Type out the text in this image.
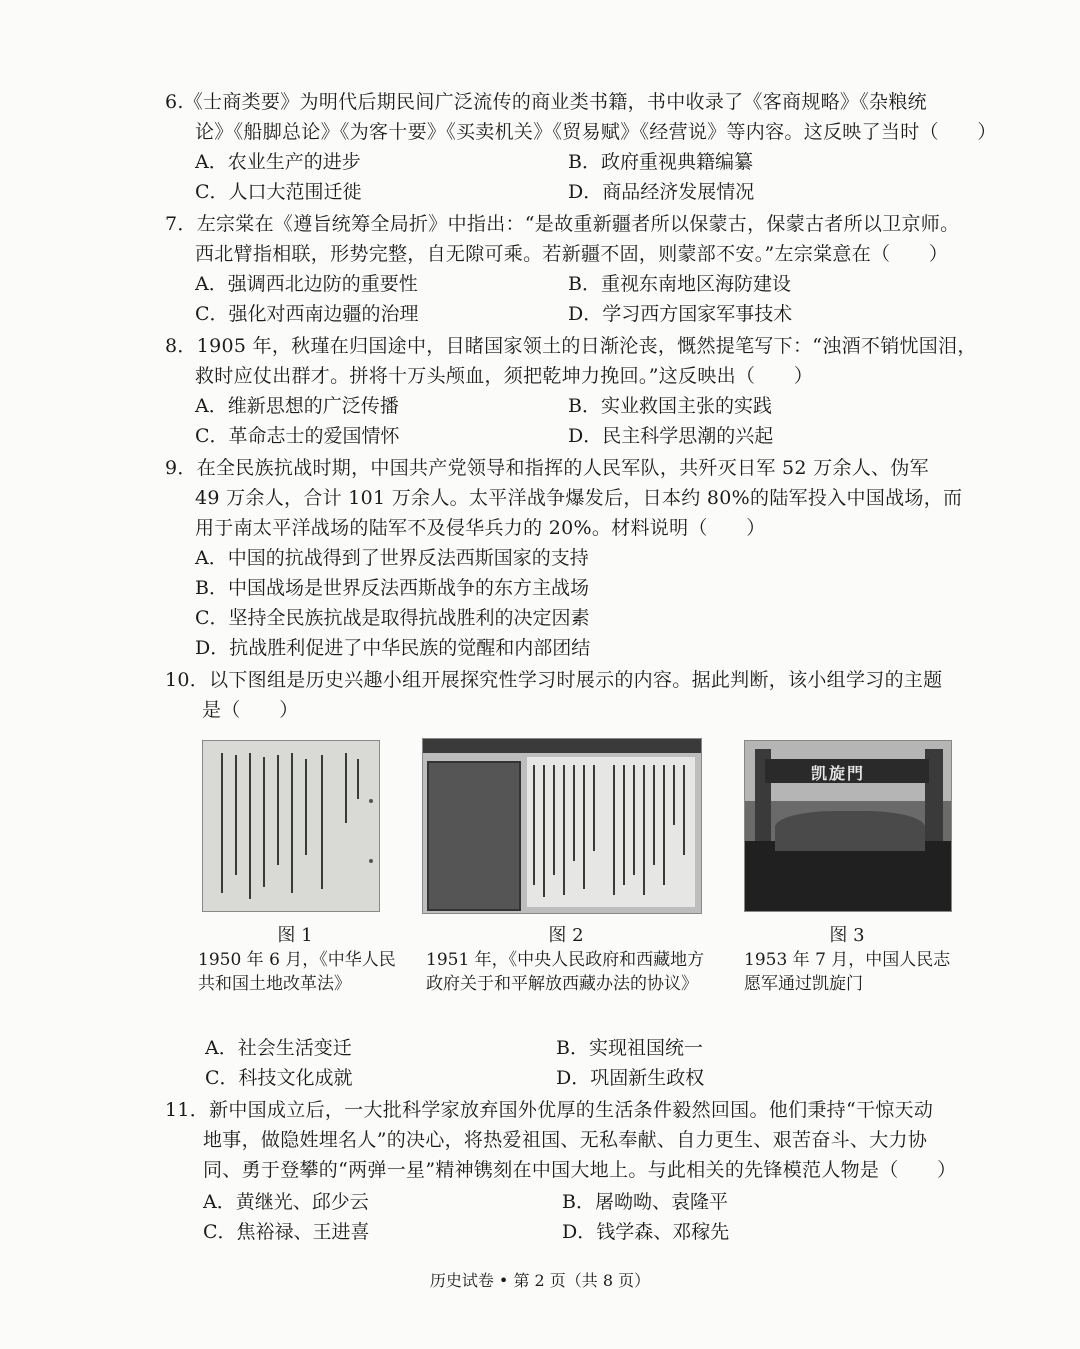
6.《士商类要》为明代后期民间广泛流传的商业类书籍，书中收录了《客商规略》《杂粮统
论》《船脚总论》《为客十要》《买卖机关》《贸易赋》《经营说》等内容。这反映了当时（　　）
A．农业生产的进步	B．政府重视典籍编纂
C．人口大范围迁徙	D．商品经济发展情况
7．左宗棠在《遵旨统筹全局折》中指出：“是故重新疆者所以保蒙古，保蒙古者所以卫京师。
西北臂指相联，形势完整，自无隙可乘。若新疆不固，则蒙部不安。”左宗棠意在（　　）
A．强调西北边防的重要性	B．重视东南地区海防建设
C．强化对西南边疆的治理	D．学习西方国家军事技术
8．1905 年，秋瑾在归国途中，目睹国家领土的日渐沦丧，慨然提笔写下：“浊酒不销忧国泪，
救时应仗出群才。拼将十万头颅血，须把乾坤力挽回。”这反映出（　　）
A．维新思想的广泛传播	B．实业救国主张的实践
C．革命志士的爱国情怀	D．民主科学思潮的兴起
9．在全民族抗战时期，中国共产党领导和指挥的人民军队，共歼灭日军 52 万余人、伪军
49 万余人，合计 101 万余人。太平洋战争爆发后，日本约 80%的陆军投入中国战场，而
用于南太平洋战场的陆军不及侵华兵力的 20%。材料说明（　　）
A．中国的抗战得到了世界反法西斯国家的支持
B．中国战场是世界反法西斯战争的东方主战场
C．坚持全民族抗战是取得抗战胜利的决定因素
D．抗战胜利促进了中华民族的觉醒和内部团结
10．以下图组是历史兴趣小组开展探究性学习时展示的内容。据此判断，该小组学习的主题
是（　　）
凯旋門
图 1	图 2	图 3
1950 年 6 月，《中华人民共和国土地改革法》
1951 年，《中央人民政府和西藏地方政府关于和平解放西藏办法的协议》
1953 年 7 月，中国人民志愿军通过凯旋门
A．社会生活变迁	B．实现祖国统一
C．科技文化成就	D．巩固新生政权
11．新中国成立后，一大批科学家放弃国外优厚的生活条件毅然回国。他们秉持“干惊天动
地事，做隐姓埋名人”的决心，将热爱祖国、无私奉献、自力更生、艰苦奋斗、大力协
同、勇于登攀的“两弹一星”精神镌刻在中国大地上。与此相关的先锋模范人物是（　　）
A．黄继光、邱少云	B．屠呦呦、袁隆平
C．焦裕禄、王进喜	D．钱学森、邓稼先
历史试卷 • 第 2 页（共 8 页）
